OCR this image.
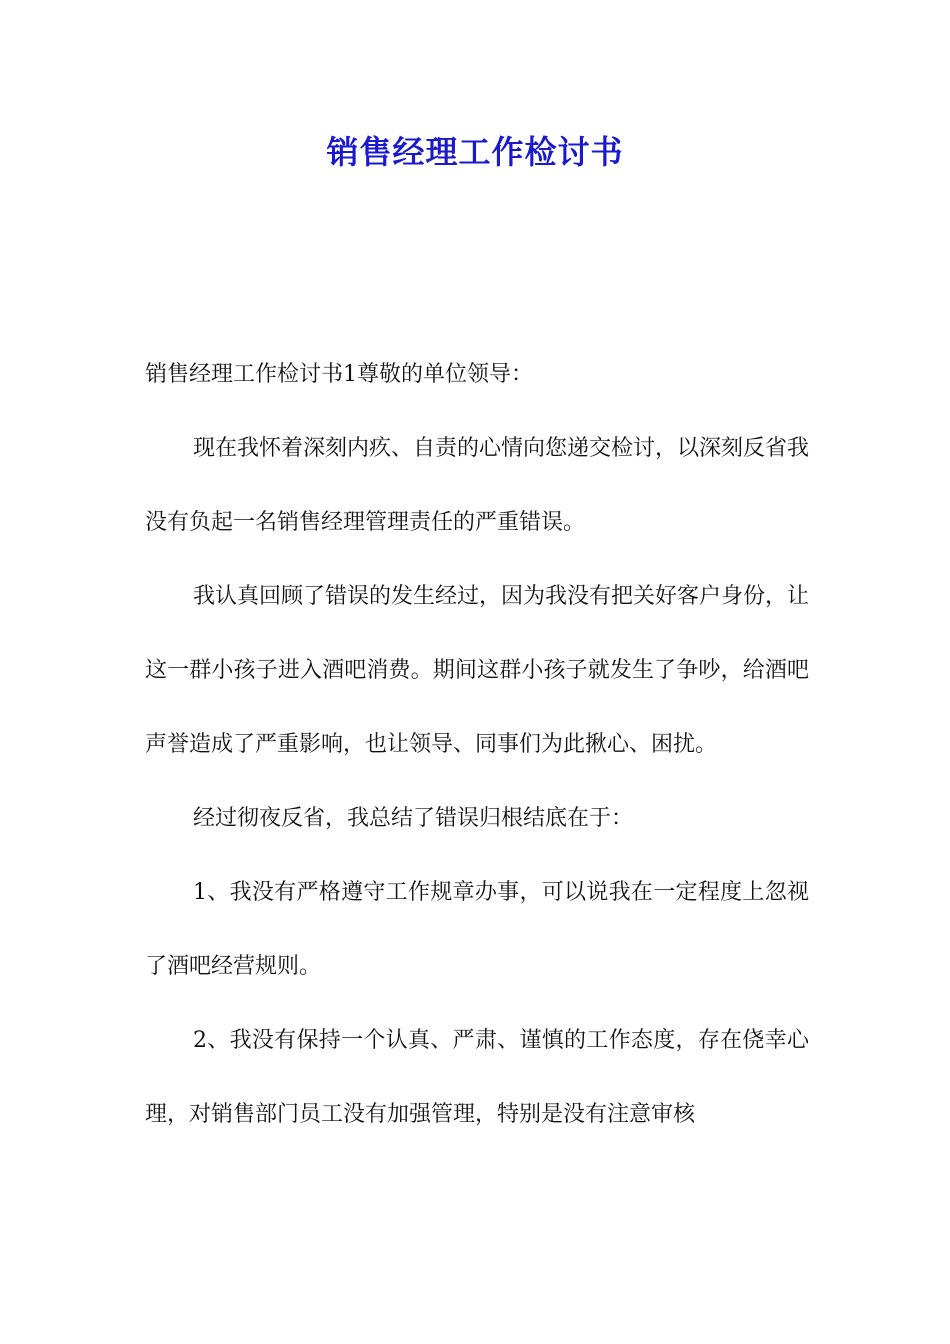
销售经理工作检讨书

销售经理工作检讨书1尊敬的单位领导：

现在我怀着深刻内疚、自责的心情向您递交检讨，以深刻反省我没有负起一名销售经理管理责任的严重错误。

我认真回顾了错误的发生经过，因为我没有把关好客户身份，让这一群小孩子进入酒吧消费。期间这群小孩子就发生了争吵，给酒吧声誉造成了严重影响，也让领导、同事们为此揪心、困扰。

经过彻夜反省，我总结了错误归根结底在于：

1、我没有严格遵守工作规章办事，可以说我在一定程度上忽视了酒吧经营规则。

2、我没有保持一个认真、严肃、谨慎的工作态度，存在侥幸心理，对销售部门员工没有加强管理，特别是没有注意审核
